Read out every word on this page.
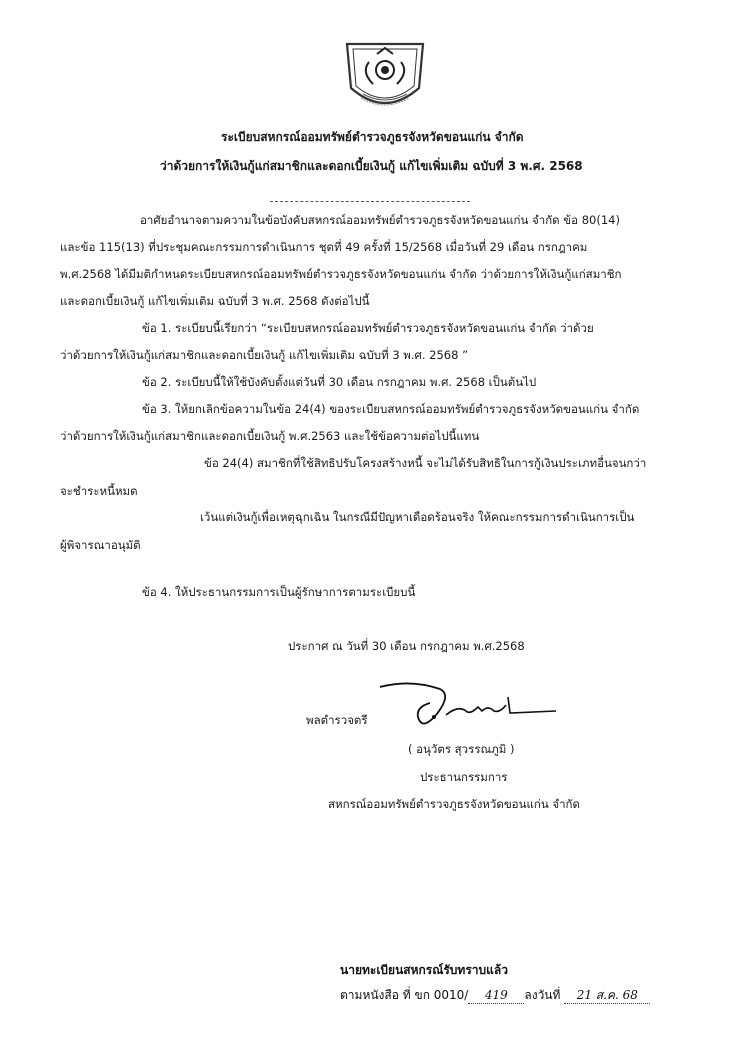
ระเบียบสหกรณ์ออมทรัพย์ตำรวจภูธรจังหวัดขอนแก่น จำกัด
ว่าด้วยการให้เงินกู้แก่สมาชิกและดอกเบี้ยเงินกู้ แก้ไขเพิ่มเติม ฉบับที่ 3 พ.ศ. 2568
อาศัยอำนาจตามความในข้อบังคับสหกรณ์ออมทรัพย์ตำรวจภูธรจังหวัดขอนแก่น จำกัด ข้อ 80(14)
และข้อ 115(13) ที่ประชุมคณะกรรมการดำเนินการ ชุดที่ 49 ครั้งที่ 15/2568 เมื่อวันที่ 29 เดือน กรกฎาคม
พ.ศ.2568 ได้มีมติกำหนดระเบียบสหกรณ์ออมทรัพย์ตำรวจภูธรจังหวัดขอนแก่น จำกัด ว่าด้วยการให้เงินกู้แก่สมาชิก
และดอกเบี้ยเงินกู้ แก้ไขเพิ่มเติม ฉบับที่ 3 พ.ศ. 2568 ดังต่อไปนี้
ข้อ 1. ระเบียบนี้เรียกว่า “ระเบียบสหกรณ์ออมทรัพย์ตำรวจภูธรจังหวัดขอนแก่น จำกัด ว่าด้วย
ว่าด้วยการให้เงินกู้แก่สมาชิกและดอกเบี้ยเงินกู้ แก้ไขเพิ่มเติม ฉบับที่ 3 พ.ศ. 2568 ”
ข้อ 2. ระเบียบนี้ให้ใช้บังคับตั้งแต่วันที่ 30 เดือน กรกฎาคม พ.ศ. 2568 เป็นต้นไป
ข้อ 3. ให้ยกเลิกข้อความในข้อ 24(4) ของระเบียบสหกรณ์ออมทรัพย์ตำรวจภูธรจังหวัดขอนแก่น จำกัด
ว่าด้วยการให้เงินกู้แก่สมาชิกและดอกเบี้ยเงินกู้ พ.ศ.2563 และใช้ข้อความต่อไปนี้แทน
ข้อ 24(4) สมาชิกที่ใช้สิทธิปรับโครงสร้างหนี้ จะไม่ได้รับสิทธิในการกู้เงินประเภทอื่นจนกว่า
จะชำระหนี้หมด
เว้นแต่เงินกู้เพื่อเหตุฉุกเฉิน ในกรณีมีปัญหาเดือดร้อนจริง ให้คณะกรรมการดำเนินการเป็น
ผู้พิจารณาอนุมัติ
ข้อ 4. ให้ประธานกรรมการเป็นผู้รักษาการตามระเบียบนี้
ประกาศ ณ วันที่ 30 เดือน กรกฎาคม พ.ศ.2568
พลตำรวจตรี
( อนุวัตร สุวรรณภูมิ )
ประธานกรรมการ
สหกรณ์ออมทรัพย์ตำรวจภูธรจังหวัดขอนแก่น จำกัด
นายทะเบียนสหกรณ์รับทราบแล้ว
ตามหนังสือ ที่ ขก 0010/ 419 ลงวันที่ 21 ส.ค. 68
